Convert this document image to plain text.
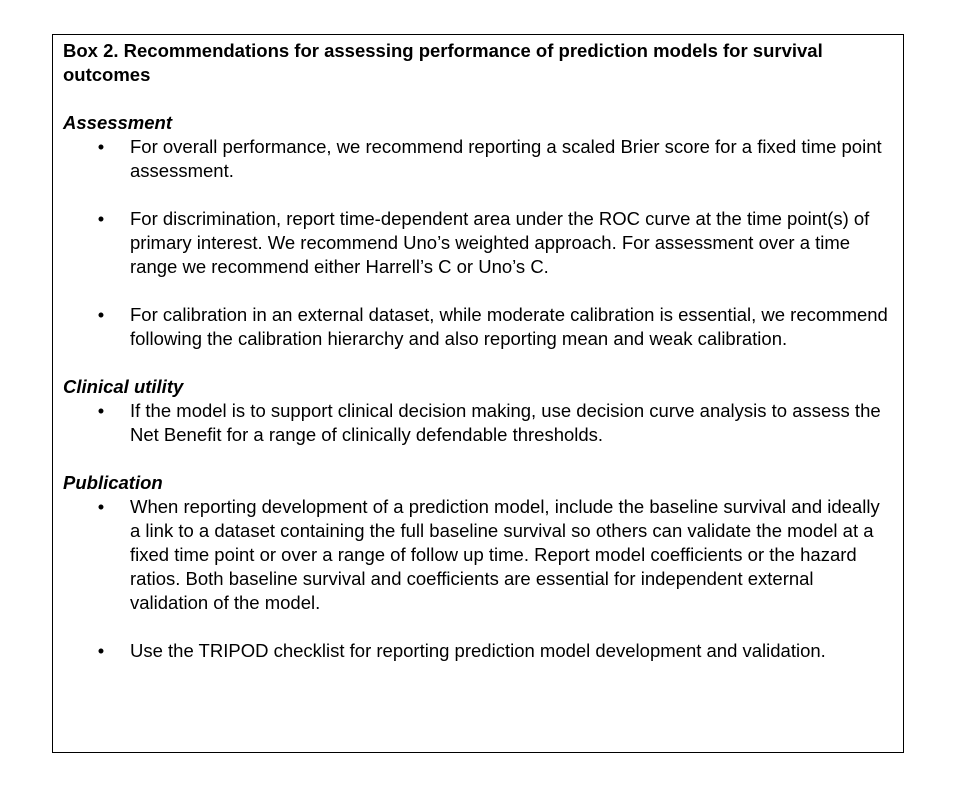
Box 2. Recommendations for assessing performance of prediction models for survival outcomes

Assessment

• For overall performance, we recommend reporting a scaled Brier score for a fixed time point assessment.
• For discrimination, report time-dependent area under the ROC curve at the time point(s) of primary interest. We recommend Uno’s weighted approach. For assessment over a time range we recommend either Harrell’s C or Uno’s C.
• For calibration in an external dataset, while moderate calibration is essential, we recommend following the calibration hierarchy and also reporting mean and weak calibration.

Clinical utility

• If the model is to support clinical decision making, use decision curve analysis to assess the Net Benefit for a range of clinically defendable thresholds.

Publication

• When reporting development of a prediction model, include the baseline survival and ideally a link to a dataset containing the full baseline survival so others can validate the model at a fixed time point or over a range of follow up time. Report model coefficients or the hazard ratios. Both baseline survival and coefficients are essential for independent external validation of the model.
• Use the TRIPOD checklist for reporting prediction model development and validation.
